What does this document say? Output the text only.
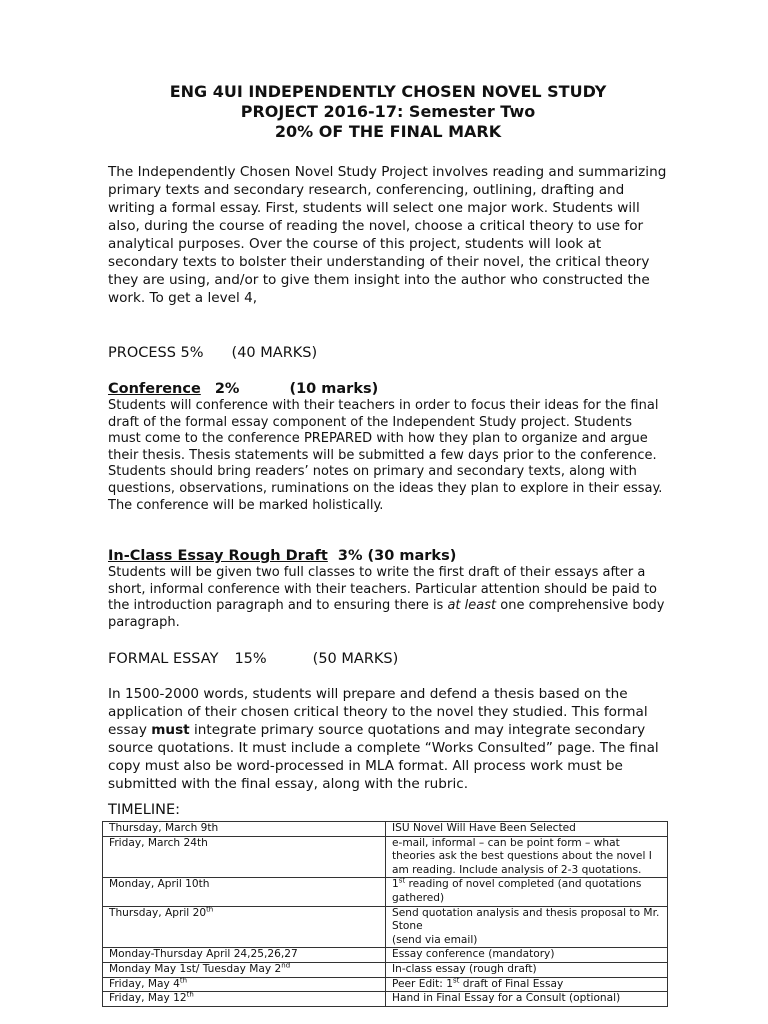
ENG 4UI INDEPENDENTLY CHOSEN NOVEL STUDY
PROJECT 2016-17: Semester Two
20% OF THE FINAL MARK
The Independently Chosen Novel Study Project involves reading and summarizing primary texts and secondary research, conferencing, outlining, drafting and writing a formal essay. First, students will select one major work. Students will also, during the course of reading the novel, choose a critical theory to use for analytical purposes. Over the course of this project, students will look at secondary texts to bolster their understanding of their novel, the critical theory they are using, and/or to give them insight into the author who constructed the work. To get a level 4,
PROCESS 5% (40 MARKS)
Conference 2%	(10 marks)
Students will conference with their teachers in order to focus their ideas for the final draft of the formal essay component of the Independent Study project. Students must come to the conference PREPARED with how they plan to organize and argue their thesis. Thesis statements will be submitted a few days prior to the conference. Students should bring readers’ notes on primary and secondary texts, along with questions, observations, ruminations on the ideas they plan to explore in their essay. The conference will be marked holistically.
In-Class Essay Rough Draft 3% (30 marks)
Students will be given two full classes to write the first draft of their essays after a short, informal conference with their teachers. Particular attention should be paid to the introduction paragraph and to ensuring there is at least one comprehensive body paragraph.
FORMAL ESSAY 15%	(50 MARKS)
In 1500-2000 words, students will prepare and defend a thesis based on the application of their chosen critical theory to the novel they studied. This formal essay must integrate primary source quotations and may integrate secondary source quotations. It must include a complete “Works Consulted” page. The final copy must also be word-processed in MLA format. All process work must be submitted with the final essay, along with the rubric.
TIMELINE:
Thursday, March 9th	ISU Novel Will Have Been Selected
Friday, March 24th	e-mail, informal – can be point form – what theories ask the best questions about the novel I am reading. Include analysis of 2-3 quotations.
Monday, April 10th	1st reading of novel completed (and quotations gathered)
Thursday, April 20th	Send quotation analysis and thesis proposal to Mr. Stone
(send via email)
Monday-Thursday April 24,25,26,27	Essay conference (mandatory)
Monday May 1st/ Tuesday May 2nd	In-class essay (rough draft)
Friday, May 4th	Peer Edit: 1st draft of Final Essay
Friday, May 12th	Hand in Final Essay for a Consult (optional)
